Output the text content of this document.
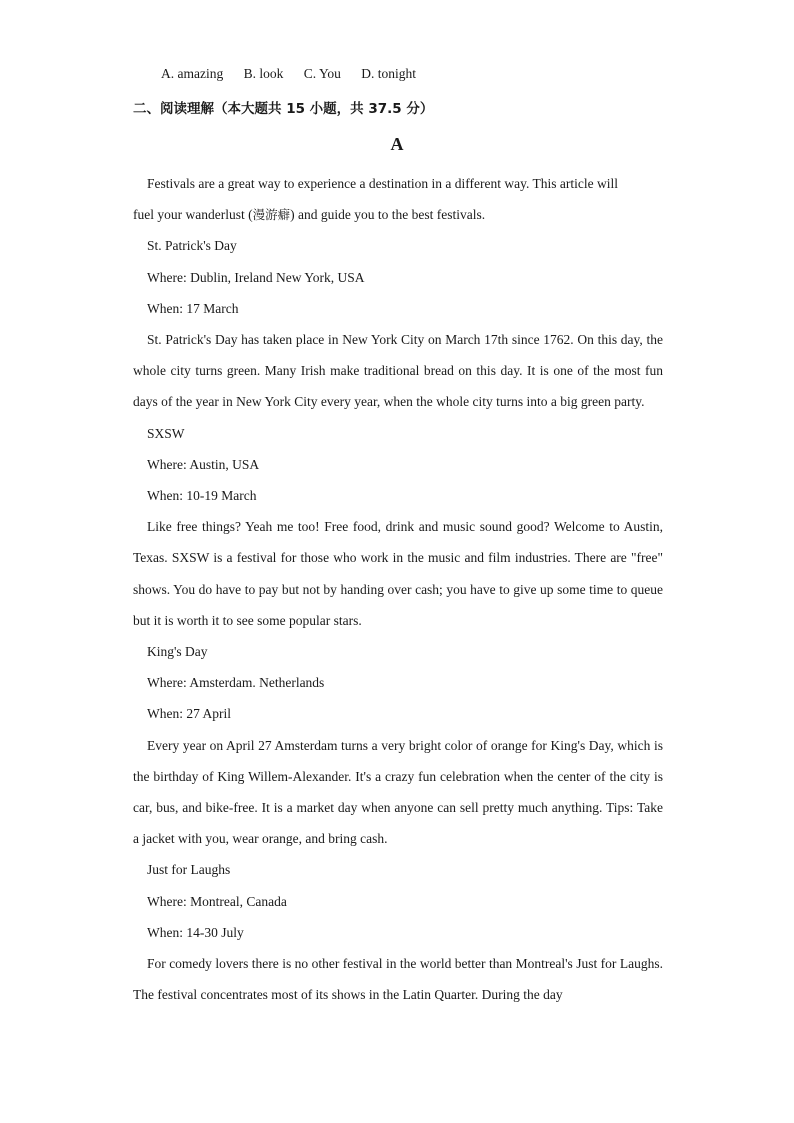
A. amazing B. look C. You D. tonight
二、阅读理解（本大题共 15 小题，共 37.5 分）
A

Festivals are a great way to experience a destination in a different way. This article will

fuel your wanderlust (漫游癖) and guide you to the best festivals.

St. Patrick's Day

Where: Dublin, Ireland New York, USA

When: 17 March

St. Patrick's Day has taken place in New York City on March 17th since 1762. On this day, the whole city turns green. Many Irish make traditional bread on this day. It is one of the most fun days of the year in New York City every year, when the whole city turns into a big green party.

SXSW

Where: Austin, USA

When: 10-19 March

Like free things? Yeah me too! Free food, drink and music sound good? Welcome to Austin, Texas. SXSW is a festival for those who work in the music and film industries. There are "free" shows. You do have to pay but not by handing over cash; you have to give up some time to queue but it is worth it to see some popular stars.

King's Day

Where: Amsterdam. Netherlands

When: 27 April

Every year on April 27 Amsterdam turns a very bright color of orange for King's Day, which is the birthday of King Willem-Alexander. It's a crazy fun celebration when the center of the city is car, bus, and bike-free. It is a market day when anyone can sell pretty much anything. Tips: Take a jacket with you, wear orange, and bring cash.

Just for Laughs

Where: Montreal, Canada

When: 14-30 July

For comedy lovers there is no other festival in the world better than Montreal's Just for Laughs. The festival concentrates most of its shows in the Latin Quarter. During the day
